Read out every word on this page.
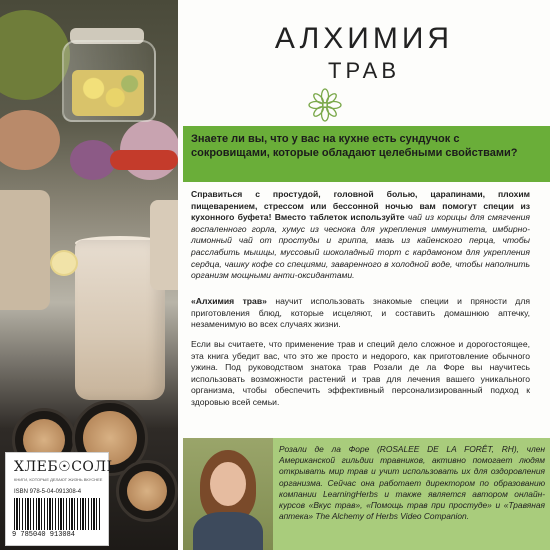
ХЛЕБ☉СОЛЬ
КНИГИ, КОТОРЫЕ ДЕЛАЮТ ЖИЗНЬ ВКУСНЕЕ
ISBN 978-5-04-091308-4
9 785040 913084
АЛХИМИЯ
ТРАВ
Знаете ли вы, что у вас на кухне есть сундучок с сокровищами, которые обладают целебными свойствами?
Справиться с простудой, головной болью, царапинами, плохим пищеварением, стрессом или бессонной ночью вам помогут специи из кухонного буфета! Вместо таблеток используйте чай из корицы для смягчения воспаленного горла, хумус из чеснока для укрепления иммунитета, имбирно-лимонный чай от простуды и гриппа, мазь из кайенского перца, чтобы расслабить мышцы, муссовый шоколадный торт с кардамоном для укрепления сердца, чашку кофе со специями, заваренного в холодной воде, чтобы наполнить организм мощными анти-оксидантами.
«Алхимия трав» научит использовать знакомые специи и пряности для приготовления блюд, которые исцеляют, и составить домашнюю аптечку, незаменимую во всех случаях жизни.
Если вы считаете, что применение трав и специй дело сложное и дорогостоящее, эта книга убедит вас, что это же просто и недорого, как приготовление обычного ужина. Под руководством знатока трав Розали де ла Форе вы научитесь использовать возможности растений и трав для лечения вашего уникального организма, чтобы обеспечить эффективный персонализированный подход к здоровью всей семьи.
Розали де ла Форе (ROSALEE DE LA FORÊT, RH), член Американской гильдии травников, активно помогает людям открывать мир трав и учит использовать их для оздоровления организма. Сейчас она работает директором по образованию компании LearningHerbs и также является автором онлайн-курсов «Вкус трав», «Помощь трав при простуде» и «Травяная аптека» The Alchemy of Herbs Video Companion.
